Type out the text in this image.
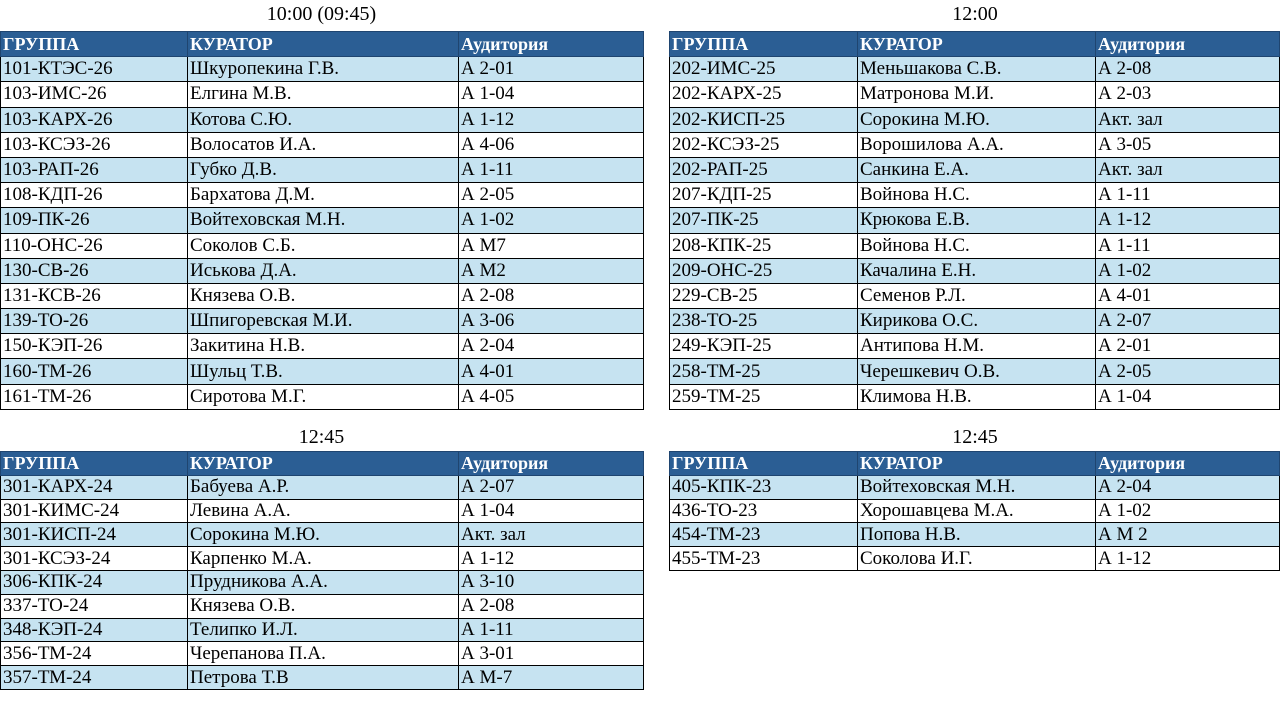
10:00 (09:45)
ГРУППА	КУРАТОР	Аудитория
101-КТЭС-26	Шкуропекина Г.В.	А 2-01
103-ИМС-26	Елгина М.В.	А 1-04
103-КАРХ-26	Котова С.Ю.	А 1-12
103-КСЭЗ-26	Волосатов И.А.	А 4-06
103-РАП-26	Губко Д.В.	А 1-11
108-КДП-26	Бархатова Д.М.	А 2-05
109-ПК-26	Войтеховская М.Н.	А 1-02
110-ОНС-26	Соколов С.Б.	А М7
130-СВ-26	Иськова Д.А.	А М2
131-КСВ-26	Князева О.В.	А 2-08
139-ТО-26	Шпигоревская М.И.	А 3-06
150-КЭП-26	Закитина Н.В.	А 2-04
160-ТМ-26	Шульц Т.В.	А 4-01
161-ТМ-26	Сиротова М.Г.	А 4-05
12:00
ГРУППА	КУРАТОР	Аудитория
202-ИМС-25	Меньшакова С.В.	А 2-08
202-КАРХ-25	Матронова М.И.	А 2-03
202-КИСП-25	Сорокина М.Ю.	Акт. зал
202-КСЭЗ-25	Ворошилова А.А.	А 3-05
202-РАП-25	Санкина Е.А.	Акт. зал
207-КДП-25	Войнова Н.С.	А 1-11
207-ПК-25	Крюкова Е.В.	А 1-12
208-КПК-25	Войнова Н.С.	А 1-11
209-ОНС-25	Качалина Е.Н.	А 1-02
229-СВ-25	Семенов Р.Л.	А 4-01
238-ТО-25	Кирикова О.С.	А 2-07
249-КЭП-25	Антипова Н.М.	А 2-01
258-ТМ-25	Черешкевич О.В.	А 2-05
259-ТМ-25	Климова Н.В.	А 1-04
12:45
ГРУППА	КУРАТОР	Аудитория
301-КАРХ-24	Бабуева А.Р.	А 2-07
301-КИМС-24	Левина А.А.	А 1-04
301-КИСП-24	Сорокина М.Ю.	Акт. зал
301-КСЭЗ-24	Карпенко М.А.	А 1-12
306-КПК-24	Прудникова А.А.	А 3-10
337-ТО-24	Князева О.В.	А 2-08
348-КЭП-24	Телипко И.Л.	А 1-11
356-ТМ-24	Черепанова П.А.	А 3-01
357-ТМ-24	Петрова Т.В	А М-7
12:45
ГРУППА	КУРАТОР	Аудитория
405-КПК-23	Войтеховская М.Н.	А 2-04
436-ТО-23	Хорошавцева М.А.	А 1-02
454-ТМ-23	Попова Н.В.	А М 2
455-ТМ-23	Соколова И.Г.	А 1-12
